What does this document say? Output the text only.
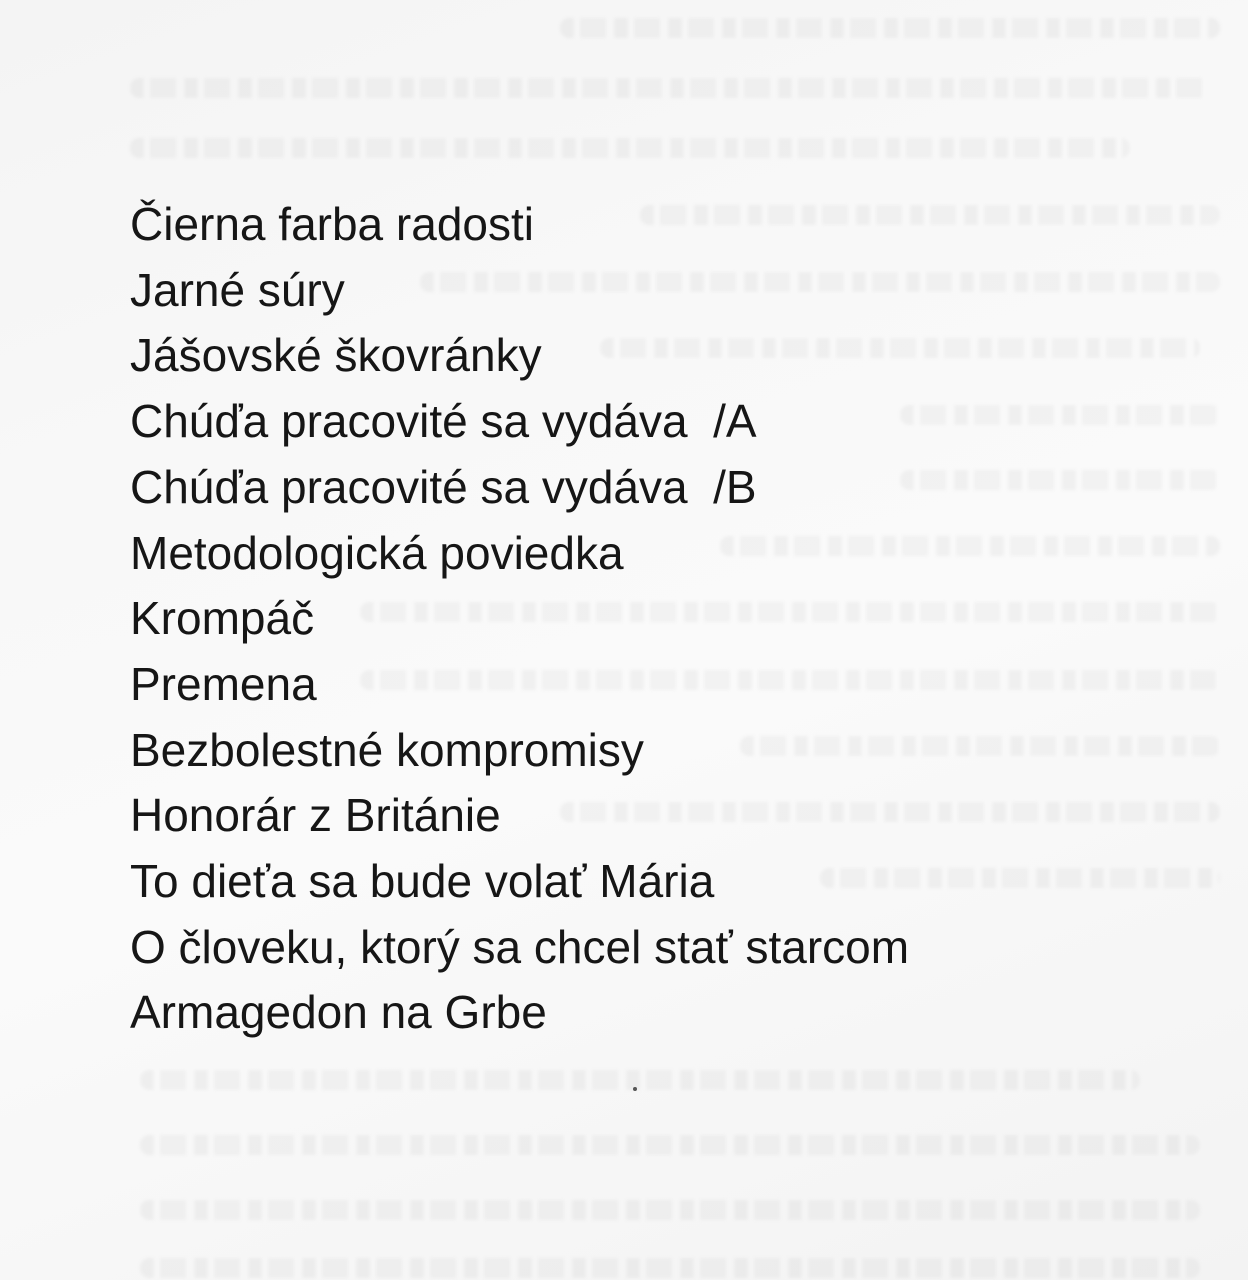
Čierna farba radosti
Jarné súry
Jášovské škovránky
Chúďa pracovité sa vydáva  /A
Chúďa pracovité sa vydáva  /B
Metodologická poviedka
Krompáč
Premena
Bezbolestné kompromisy
Honorár z Británie
To dieťa sa bude volať Mária
O človeku, ktorý sa chcel stať starcom
Armagedon na Grbe
